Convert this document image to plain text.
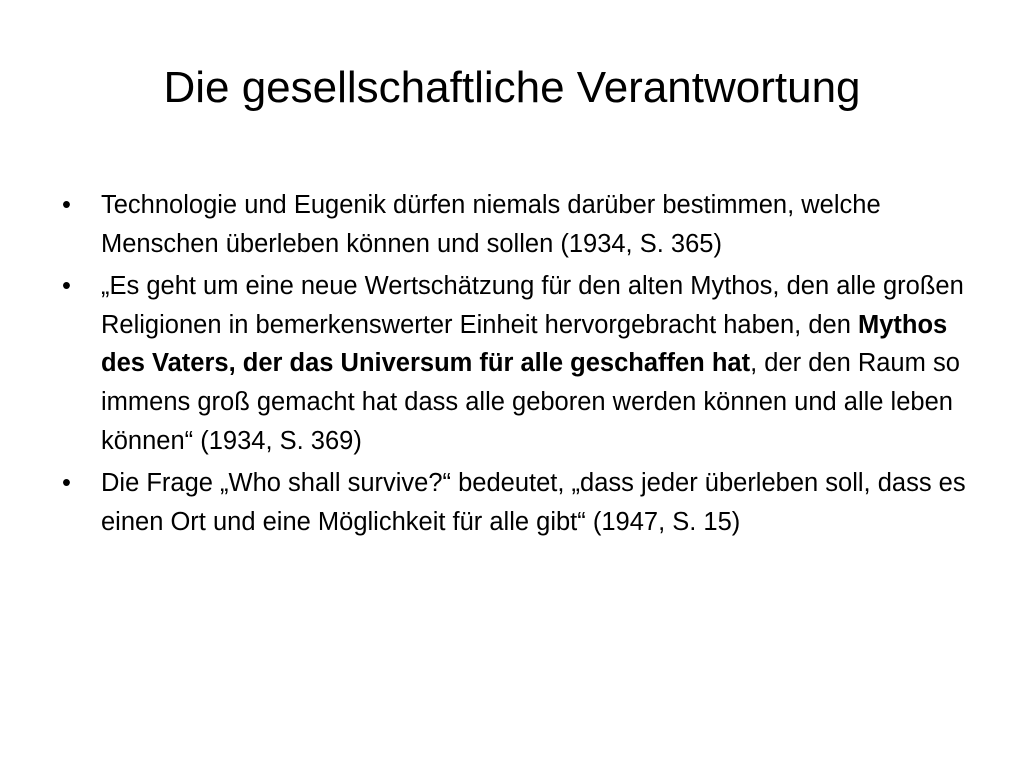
Die gesellschaftliche Verantwortung
•	Technologie und Eugenik dürfen niemals darüber bestimmen, welche Menschen überleben können und sollen (1934, S. 365)
•	„Es geht um eine neue Wertschätzung für den alten Mythos, den alle großen Religionen in bemerkenswerter Einheit hervorgebracht haben, den Mythos des Vaters, der das Universum für alle geschaffen hat, der den Raum so immens groß gemacht hat dass alle geboren werden können und alle leben können“ (1934, S. 369)
•	Die Frage „Who shall survive?“ bedeutet, „dass jeder überleben soll, dass es einen Ort und eine Möglichkeit für alle gibt“ (1947, S. 15)
